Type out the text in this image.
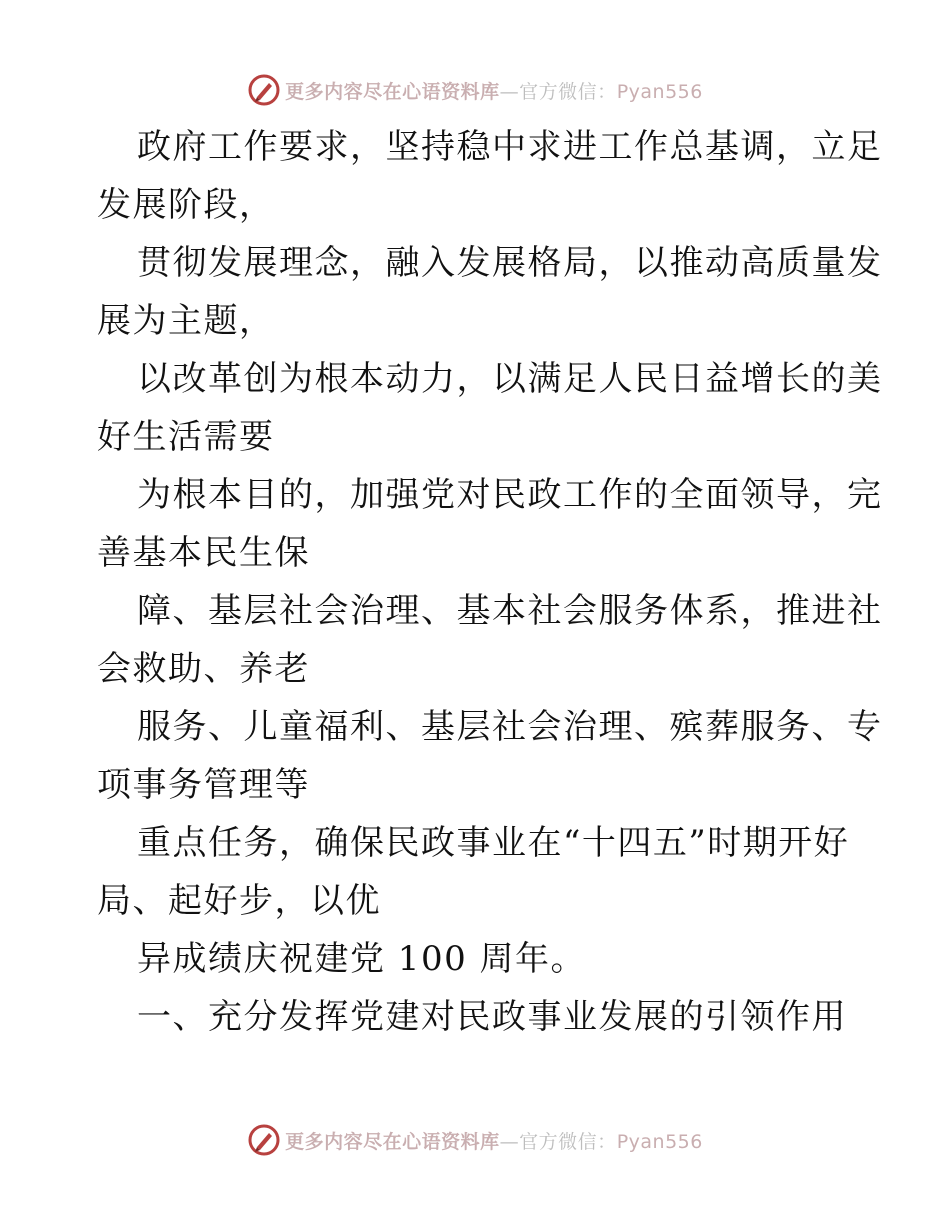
更多内容尽在心语资料库—官方微信：Pyan556

政府工作要求，坚持稳中求进工作总基调，立足
发展阶段，

贯彻发展理念，融入发展格局，以推动高质量发
展为主题，

以改革创为根本动力，以满足人民日益增长的美
好生活需要

为根本目的，加强党对民政工作的全面领导，完
善基本民生保

障、基层社会治理、基本社会服务体系，推进社
会救助、养老

服务、儿童福利、基层社会治理、殡葬服务、专
项事务管理等

重点任务，确保民政事业在“十四五”时期开好
局、起好步，以优

异成绩庆祝建党 100 周年。

一、充分发挥党建对民政事业发展的引领作用

更多内容尽在心语资料库—官方微信：Pyan556
